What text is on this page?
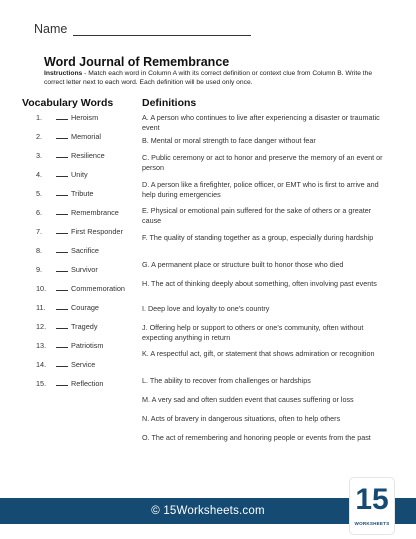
Name
Word Journal of Remembrance
Instructions - Match each word in Column A with its correct definition or context clue from Column B. Write the correct letter next to each word. Each definition will be used only once.
Vocabulary Words	Definitions
1.	Heroism
2.	Memorial
3.	Resilience
4.	Unity
5.	Tribute
6.	Remembrance
7.	First Responder
8.	Sacrifice
9.	Survivor
10.	Commemoration
11.	Courage
12.	Tragedy
13.	Patriotism
14.	Service
15.	Reflection
A. A person who continues to live after experiencing a disaster or traumatic event
B. Mental or moral strength to face danger without fear
C. Public ceremony or act to honor and preserve the memory of an event or person
D. A person like a firefighter, police officer, or EMT who is first to arrive and help during emergencies
E. Physical or emotional pain suffered for the sake of others or a greater cause
F. The quality of standing together as a group, especially during hardship
G. A permanent place or structure built to honor those who died
H. The act of thinking deeply about something, often involving past events
I. Deep love and loyalty to one’s country
J. Offering help or support to others or one’s community, often without expecting anything in return
K. A respectful act, gift, or statement that shows admiration or recognition
L. The ability to recover from challenges or hardships
M. A very sad and often sudden event that causes suffering or loss
N. Acts of bravery in dangerous situations, often to help others
O. The act of remembering and honoring people or events from the past
© 15Worksheets.com	15
WORKSHEETS
